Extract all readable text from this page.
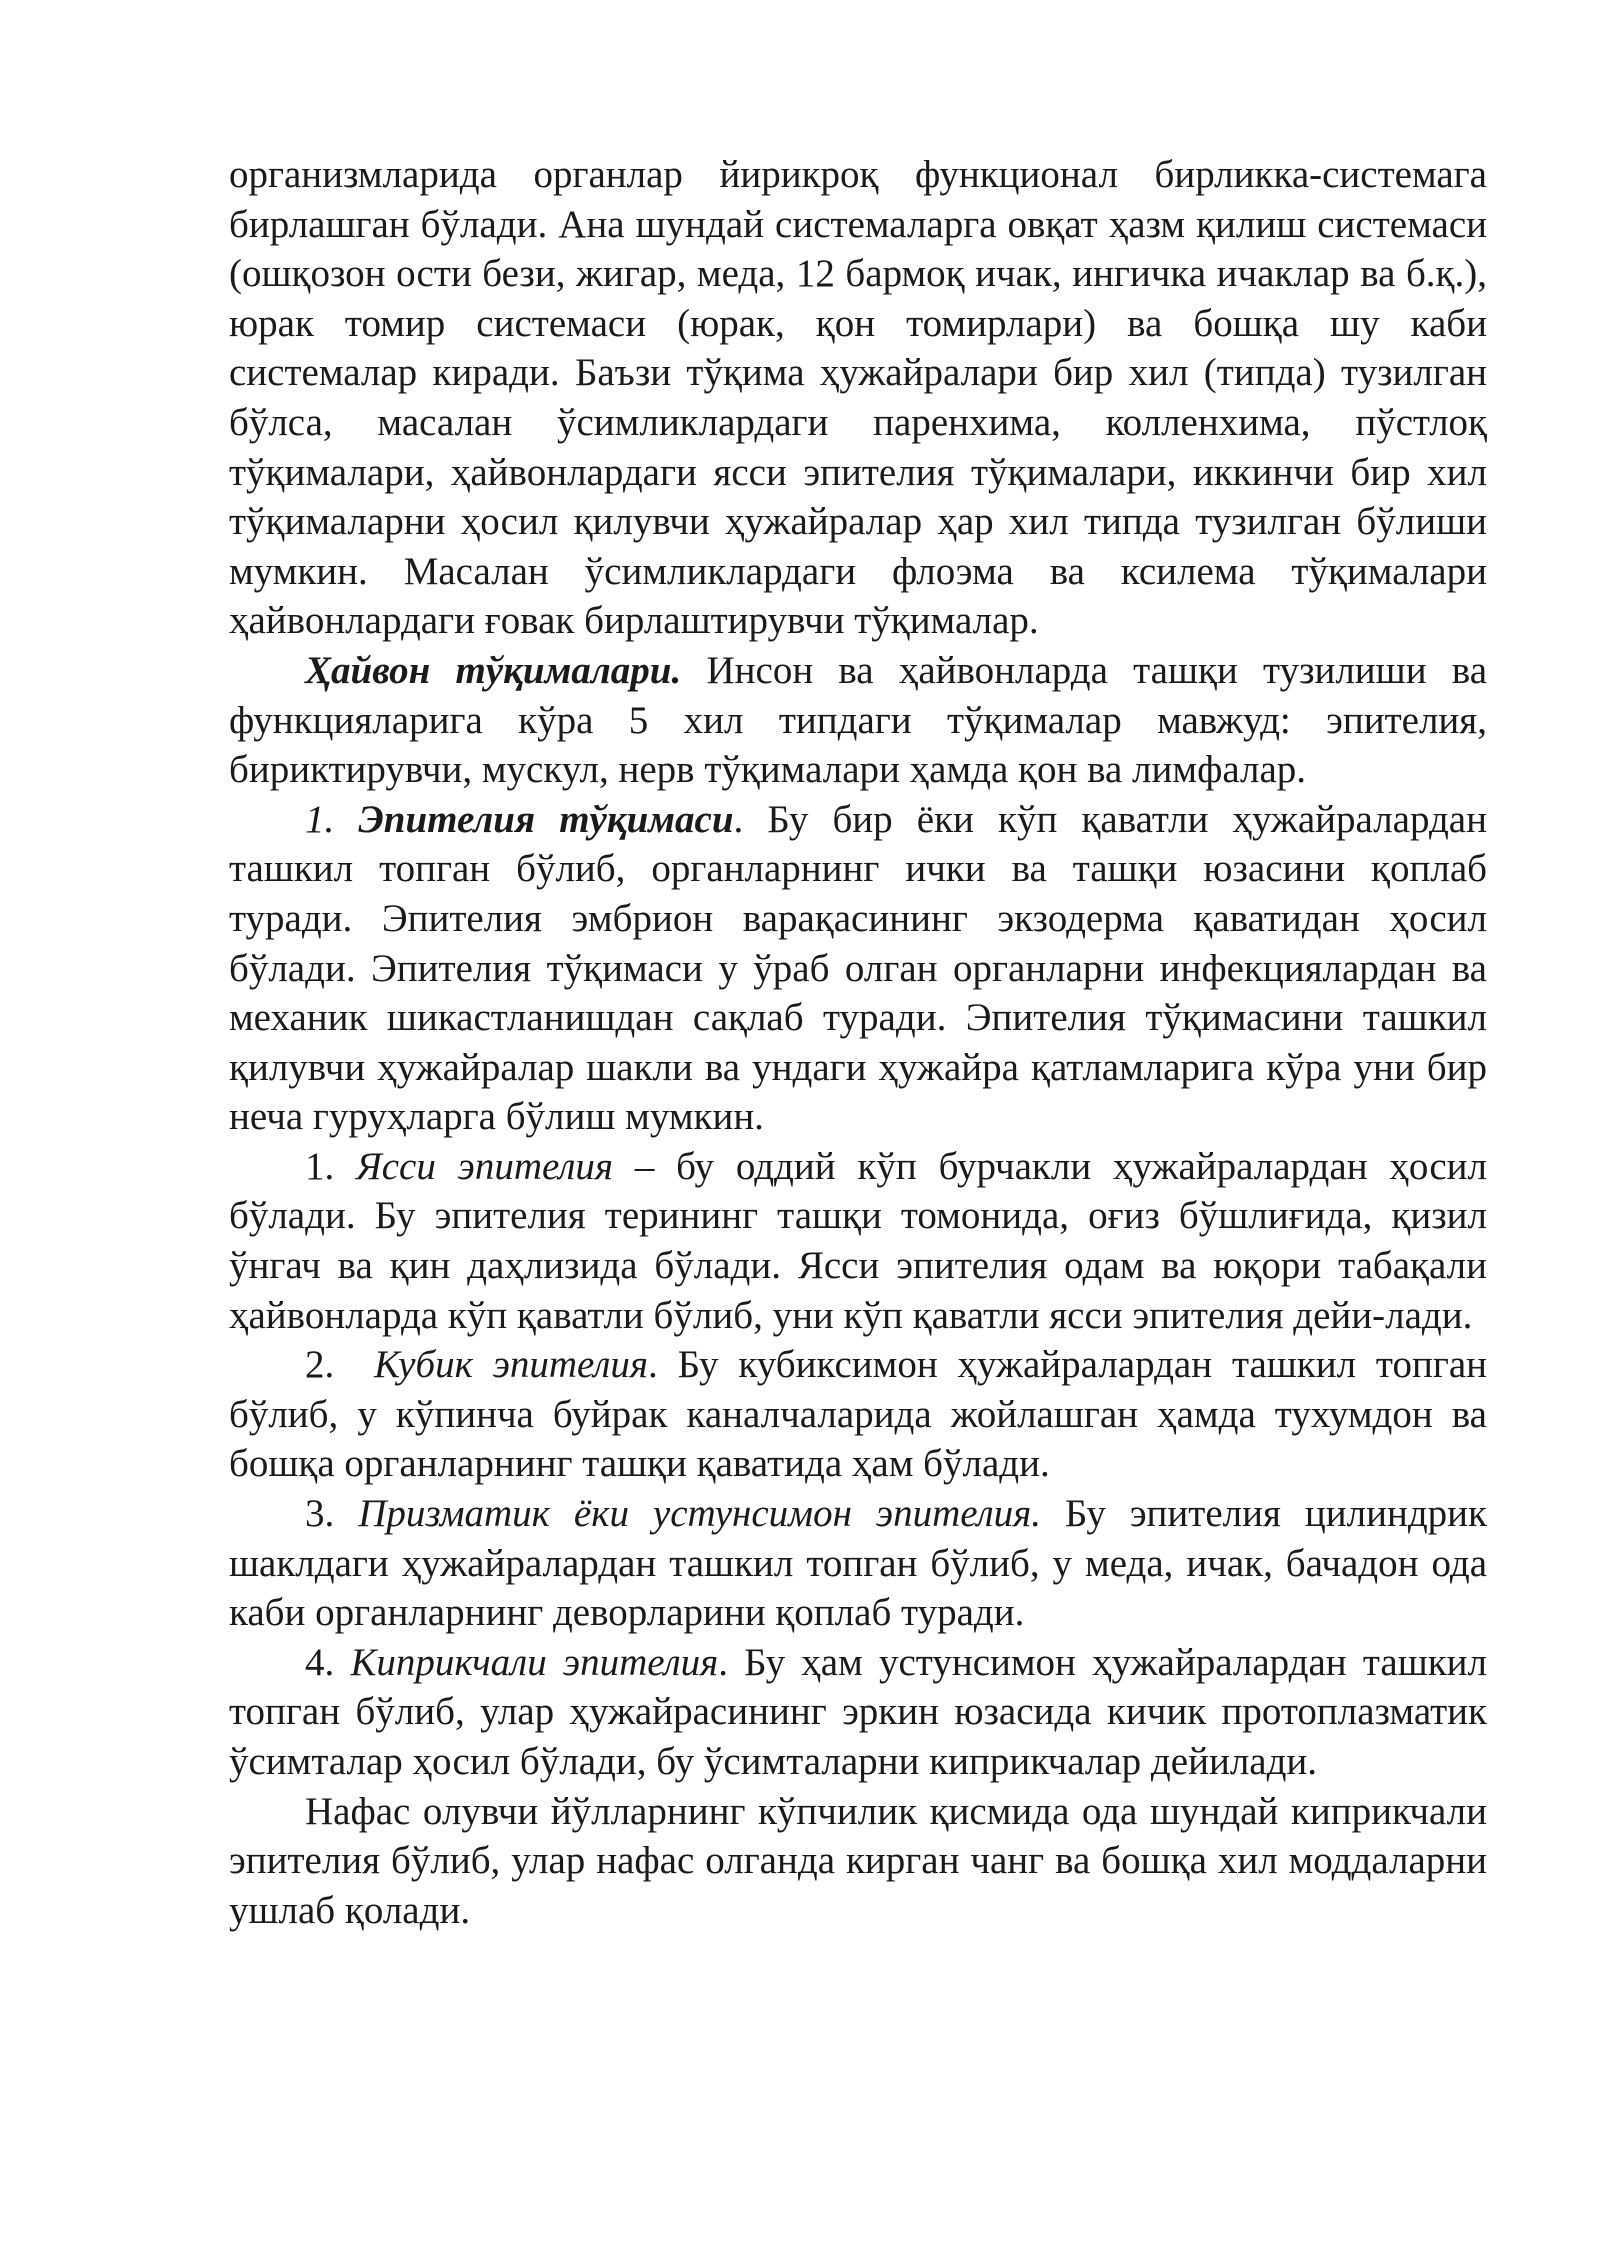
организмларида органлар йирикроқ функционал бирликка-системага бирлашган бўлади. Ана шундай системаларга овқат ҳазм қилиш системаси (ошқозон ости бези, жигар, меда, 12 бармоқ ичак, ингичка ичаклар ва б.қ.), юрак томир системаси (юрак, қон томирлари) ва бошқа шу каби системалар киради. Баъзи тўқима ҳужайралари бир хил (типда) тузилган бўлса, масалан ўсимликлардаги паренхима, колленхима, пўстлоқ тўқималари, ҳайвонлардаги ясси эпителия тўқималари, иккинчи бир хил тўқималарни ҳосил қилувчи ҳужайралар ҳар хил типда тузилган бўлиши мумкин. Масалан ўсимликлардаги флоэма ва ксилема тўқималари ҳайвонлардаги ғовак бирлаштирувчи тўқималар.

Ҳайвон тўқималари. Инсон ва ҳайвонларда ташқи тузилиши ва функцияларига кўра 5 хил типдаги тўқималар мавжуд: эпителия, бириктирувчи, мускул, нерв тўқималари ҳамда қон ва лимфалар.

1. Эпителия тўқимаси. Бу бир ёки кўп қаватли ҳужайралардан ташкил топган бўлиб, органларнинг ички ва ташқи юзасини қоплаб туради. Эпителия эмбрион варақасининг экзодерма қаватидан ҳосил бўлади. Эпителия тўқимаси у ўраб олган органларни инфекциялардан ва механик шикастланишдан сақлаб туради. Эпителия тўқимасини ташкил қилувчи ҳужайралар шакли ва ундаги ҳужайра қатламларига кўра уни бир неча гуруҳларга бўлиш мумкин.

1. Ясси эпителия – бу оддий кўп бурчакли ҳужайралардан ҳосил бўлади. Бу эпителия терининг ташқи томонида, оғиз бўшлиғида, қизил ўнгач ва қин даҳлизида бўлади. Ясси эпителия одам ва юқори табақали ҳайвонларда кўп қаватли бўлиб, уни кўп қаватли ясси эпителия дейи-лади.

2. Кубик эпителия. Бу кубиксимон ҳужайралардан ташкил топган бўлиб, у кўпинча буйрак каналчаларида жойлашган ҳамда тухумдон ва бошқа органларнинг ташқи қаватида ҳам бўлади.

3. Призматик ёки устунсимон эпителия. Бу эпителия цилиндрик шаклдаги ҳужайралардан ташкил топган бўлиб, у меда, ичак, бачадон ода каби органларнинг деворларини қоплаб туради.

4. Киприкчали эпителия. Бу ҳам устунсимон ҳужайралардан ташкил топган бўлиб, улар ҳужайрасининг эркин юзасида кичик протоплазматик ўсимталар ҳосил бўлади, бу ўсимталарни киприкчалар дейилади.

Нафас олувчи йўлларнинг кўпчилик қисмида ода шундай киприкчали эпителия бўлиб, улар нафас олганда кирган чанг ва бошқа хил моддаларни ушлаб қолади.
